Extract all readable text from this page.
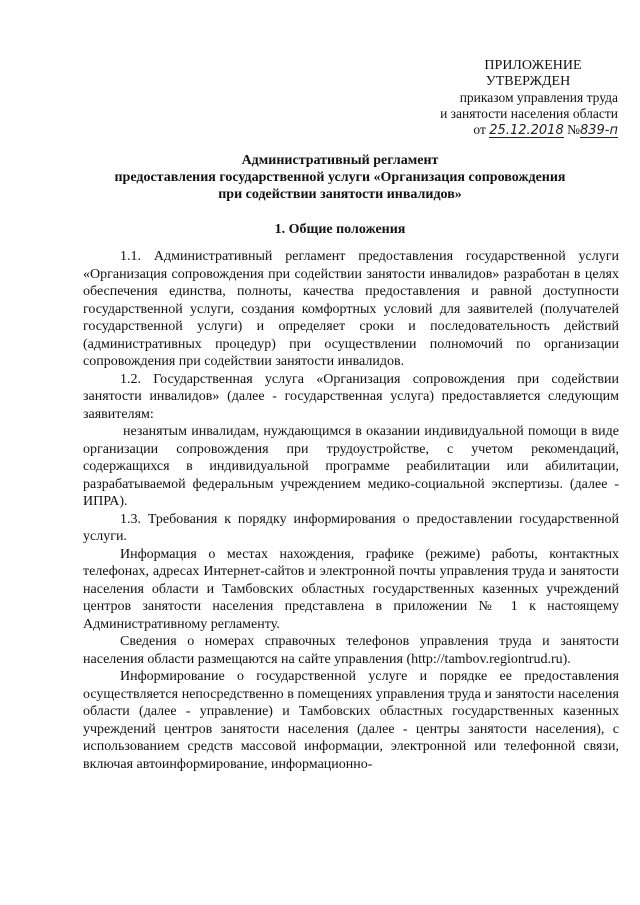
ПРИЛОЖЕНИЕ
УТВЕРЖДЕН
приказом управления труда
и занятости населения области
от 25.12.2018 №839-п
Административный регламент
предоставления государственной услуги «Организация сопровождения
при содействии занятости инвалидов»
1. Общие положения

1.1. Административный регламент предоставления государственной услуги «Организация сопровождения при содействии занятости инвалидов» разработан в целях обеспечения единства, полноты, качества предоставления и равной доступности государственной услуги, создания комфортных условий для заявителей (получателей государственной услуги) и определяет сроки и последовательность действий (административных процедур) при осуществлении полномочий по организации сопровождения при содействии занятости инвалидов.

1.2. Государственная услуга «Организация сопровождения при содействии занятости инвалидов» (далее - государственная услуга) предоставляется следующим заявителям:

незанятым инвалидам, нуждающимся в оказании индивидуальной помощи в виде организации сопровождения при трудоустройстве, с учетом рекомендаций, содержащихся в индивидуальной программе реабилитации или абилитации, разрабатываемой федеральным учреждением медико-социальной экспертизы. (далее - ИПРА).

1.3. Требования к порядку информирования о предоставлении государственной услуги.

Информация о местах нахождения, графике (режиме) работы, контактных телефонах, адресах Интернет-сайтов и электронной почты управления труда и занятости населения области и Тамбовских областных государственных казенных учреждений центров занятости населения представлена в приложении № 1 к настоящему Административному регламенту.

Сведения о номерах справочных телефонов управления труда и занятости населения области размещаются на сайте управления (http://tambov.regiontrud.ru).

Информирование о государственной услуге и порядке ее предоставления осуществляется непосредственно в помещениях управления труда и занятости населения области (далее - управление) и Тамбовских областных государственных казенных учреждений центров занятости населения (далее - центры занятости населения), с использованием средств массовой информации, электронной или телефонной связи, включая автоинформирование, информационно-
